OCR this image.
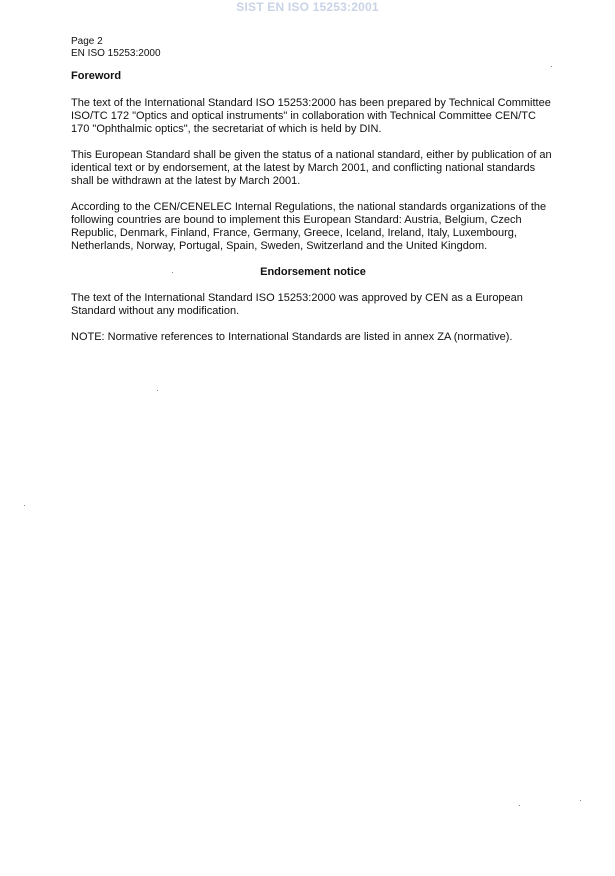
SIST EN ISO 15253:2001
Page 2
EN ISO 15253:2000
Foreword

The text of the International Standard ISO 15253:2000 has been prepared by Technical Committee ISO/TC 172 "Optics and optical instruments" in collaboration with Technical Committee CEN/TC 170 "Ophthalmic optics", the secretariat of which is held by DIN.

This European Standard shall be given the status of a national standard, either by publication of an identical text or by endorsement, at the latest by March 2001, and conflicting national standards shall be withdrawn at the latest by March 2001.

According to the CEN/CENELEC Internal Regulations, the national standards organizations of the following countries are bound to implement this European Standard: Austria, Belgium, Czech Republic, Denmark, Finland, France, Germany, Greece, Iceland, Ireland, Italy, Luxembourg, Netherlands, Norway, Portugal, Spain, Sweden, Switzerland and the United Kingdom.

Endorsement notice

The text of the International Standard ISO 15253:2000 was approved by CEN as a European Standard without any modification.

NOTE: Normative references to International Standards are listed in annex ZA (normative).
